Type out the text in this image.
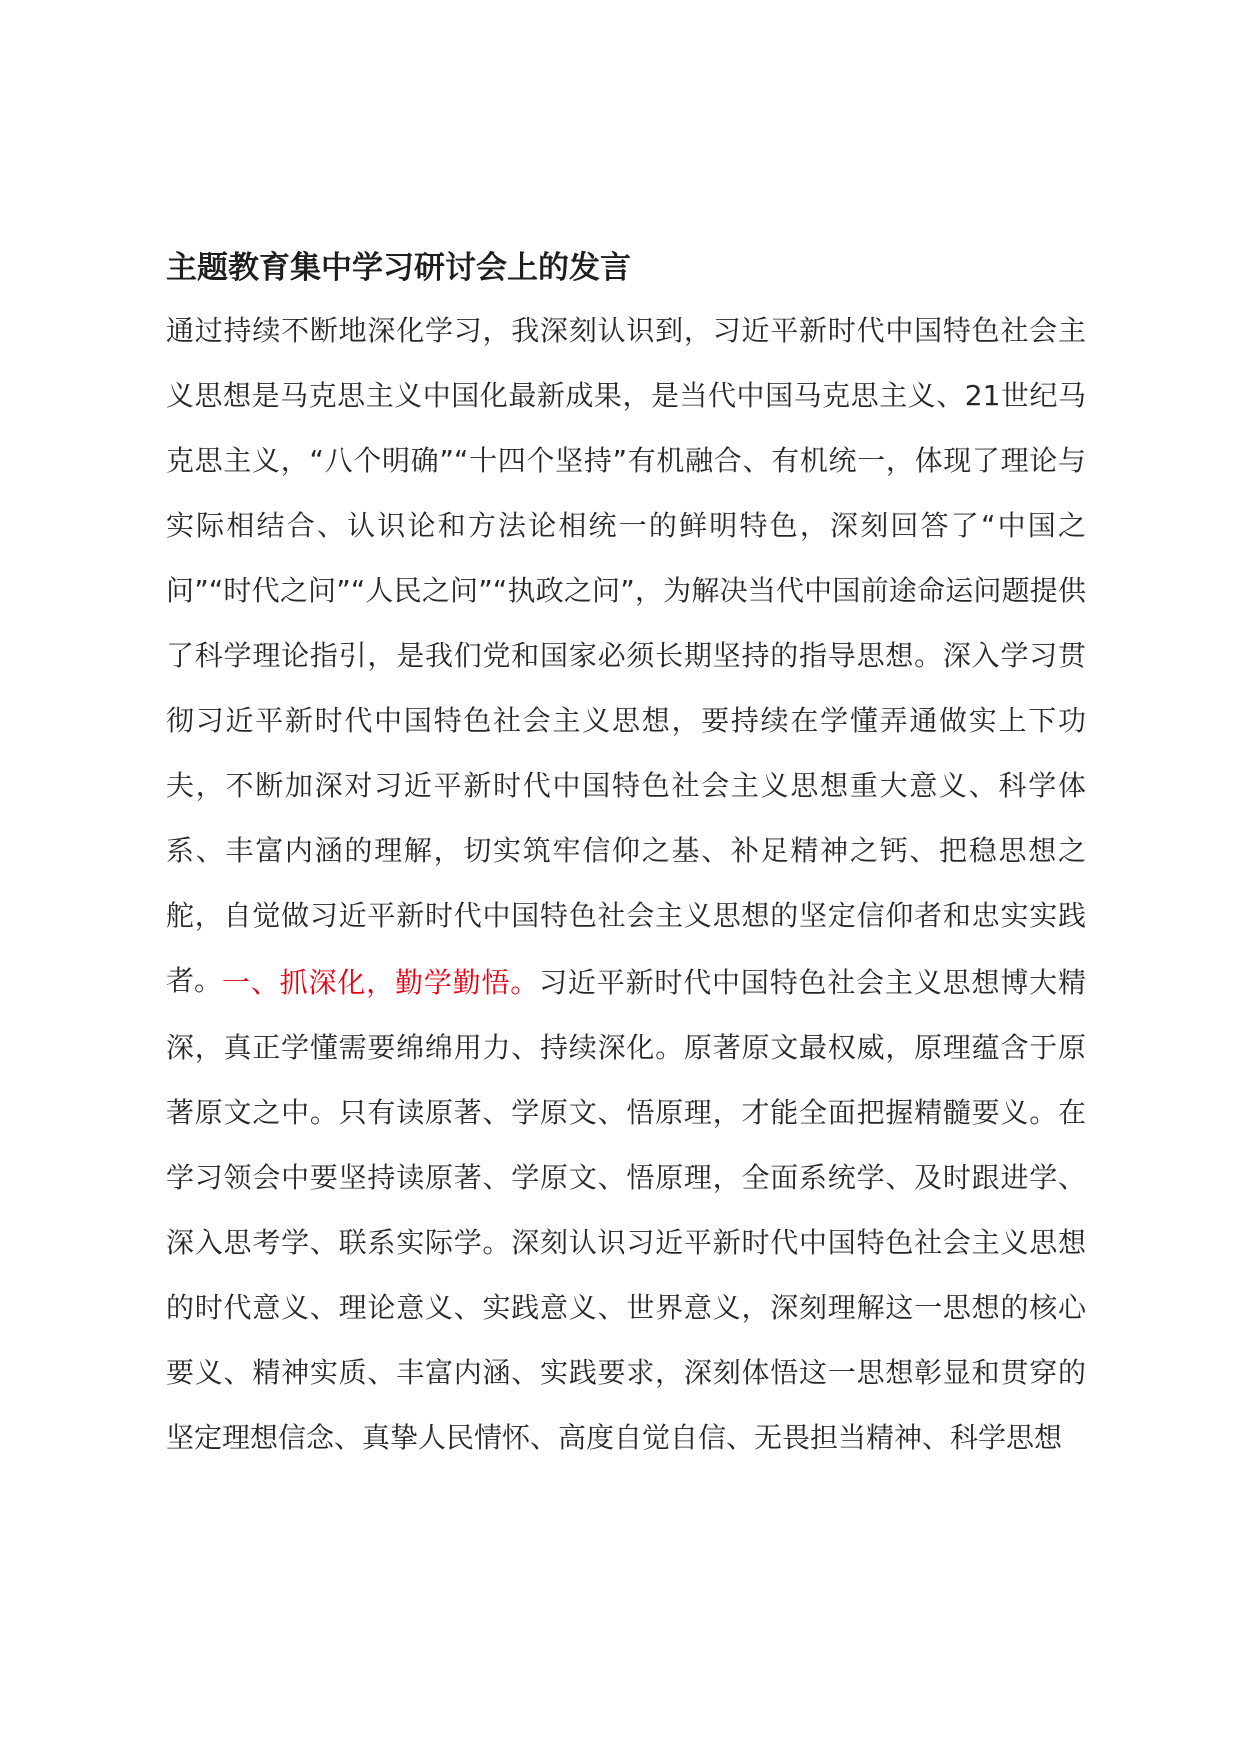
主题教育集中学习研讨会上的发言

通过持续不断地深化学习，我深刻认识到，习近平新时代中国特色社会主义思想是马克思主义中国化最新成果，是当代中国马克思主义、21世纪马克思主义，“八个明确”“十四个坚持”有机融合、有机统一，体现了理论与实际相结合、认识论和方法论相统一的鲜明特色，深刻回答了“中国之问”“时代之问”“人民之问”“执政之问”，为解决当代中国前途命运问题提供了科学理论指引，是我们党和国家必须长期坚持的指导思想。深入学习贯彻习近平新时代中国特色社会主义思想，要持续在学懂弄通做实上下功夫，不断加深对习近平新时代中国特色社会主义思想重大意义、科学体系、丰富内涵的理解，切实筑牢信仰之基、补足精神之钙、把稳思想之舵，自觉做习近平新时代中国特色社会主义思想的坚定信仰者和忠实实践者。 一、抓深化，勤学勤悟。习近平新时代中国特色社会主义思想博大精深，真正学懂需要绵绵用力、持续深化。原著原文最权威，原理蕴含于原著原文之中。只有读原著、学原文、悟原理，才能全面把握精髓要义。在学习领会中要坚持读原著、学原文、悟原理，全面系统学、及时跟进学、深入思考学、联系实际学。深刻认识习近平新时代中国特色社会主义思想的时代意义、理论意义、实践意义、世界意义，深刻理解这一思想的核心要义、精神实质、丰富内涵、实践要求，深刻体悟这一思想彰显和贯穿的坚定理想信念、真挚人民情怀、高度自觉自信、无畏担当精神、科学思想
